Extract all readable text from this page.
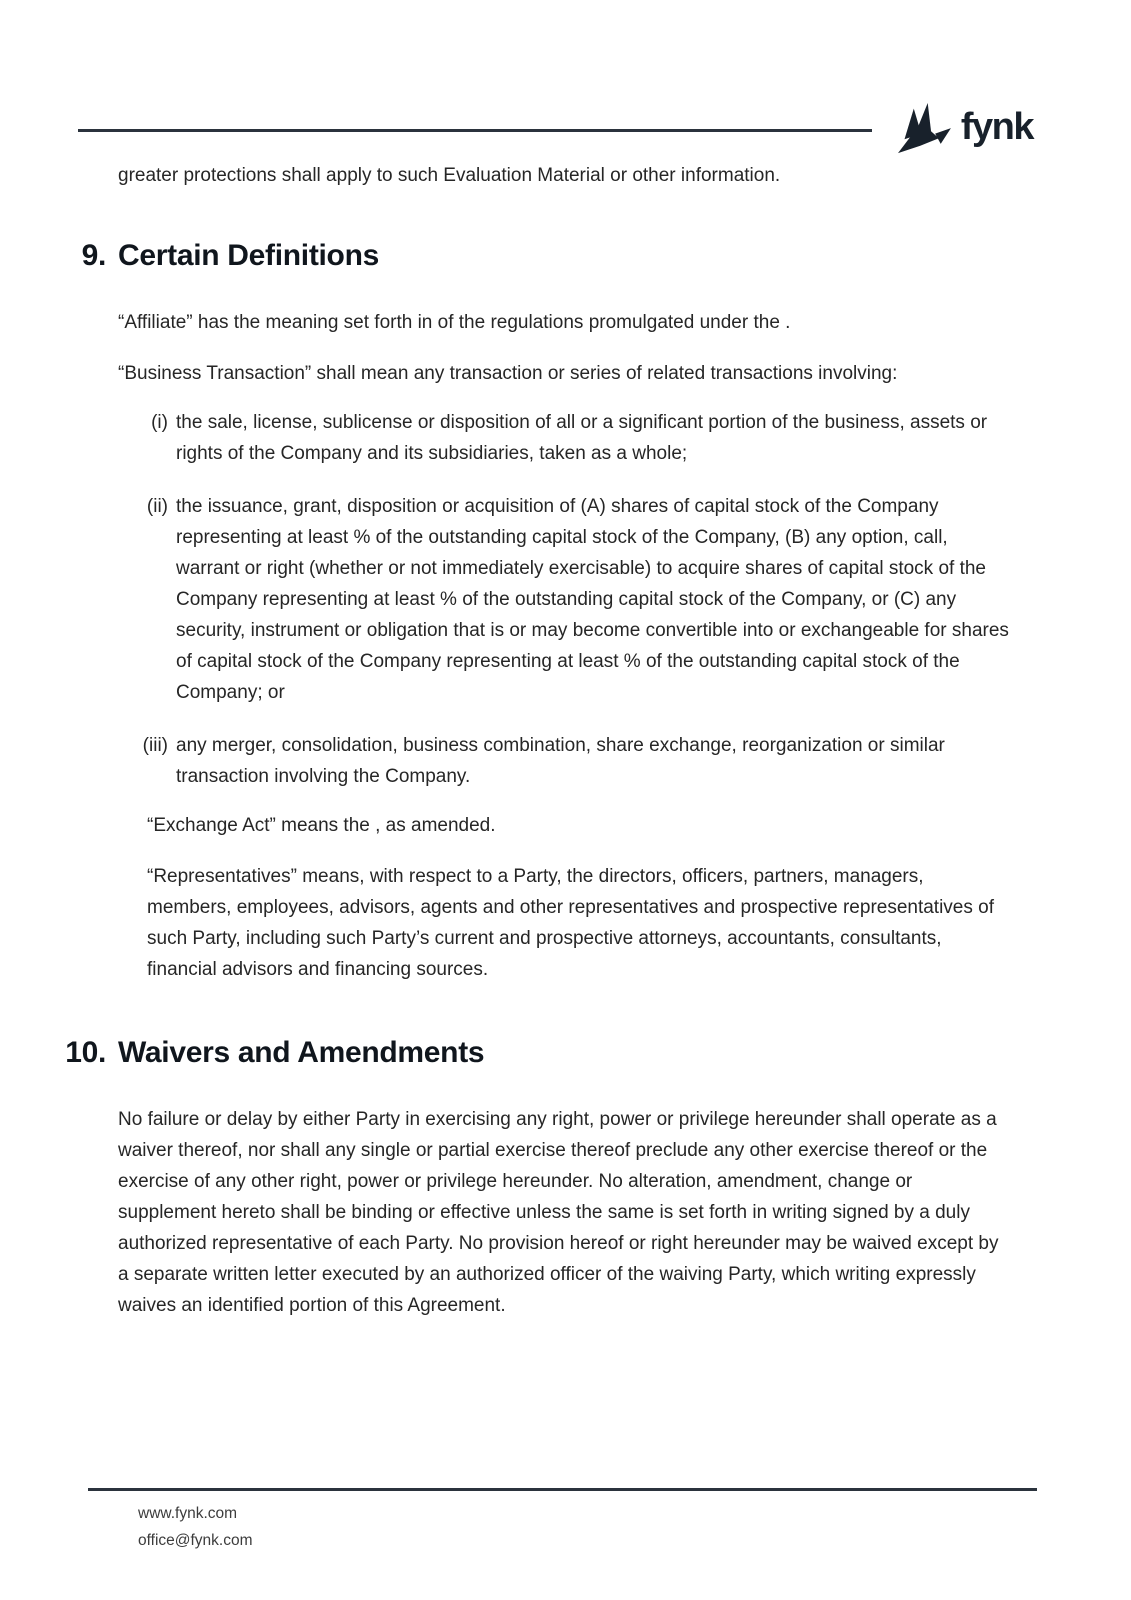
fynk

greater protections shall apply to such Evaluation Material or other information.

9. Certain Definitions

“Affiliate” has the meaning set forth in of the regulations promulgated under the .

“Business Transaction” shall mean any transaction or series of related transactions involving:

(i) the sale, license, sublicense or disposition of all or a significant portion of the business, assets or rights of the Company and its subsidiaries, taken as a whole;
(ii) the issuance, grant, disposition or acquisition of (A) shares of capital stock of the Company representing at least % of the outstanding capital stock of the Company, (B) any option, call, warrant or right (whether or not immediately exercisable) to acquire shares of capital stock of the Company representing at least % of the outstanding capital stock of the Company, or (C) any security, instrument or obligation that is or may become convertible into or exchangeable for shares of capital stock of the Company representing at least % of the outstanding capital stock of the Company; or
(iii) any merger, consolidation, business combination, share exchange, reorganization or similar transaction involving the Company.

“Exchange Act” means the , as amended.

“Representatives” means, with respect to a Party, the directors, officers, partners, managers, members, employees, advisors, agents and other representatives and prospective representatives of such Party, including such Party’s current and prospective attorneys, accountants, consultants, financial advisors and financing sources.

10. Waivers and Amendments

No failure or delay by either Party in exercising any right, power or privilege hereunder shall operate as a waiver thereof, nor shall any single or partial exercise thereof preclude any other exercise thereof or the exercise of any other right, power or privilege hereunder. No alteration, amendment, change or supplement hereto shall be binding or effective unless the same is set forth in writing signed by a duly authorized representative of each Party. No provision hereof or right hereunder may be waived except by a separate written letter executed by an authorized officer of the waiving Party, which writing expressly waives an identified portion of this Agreement.

www.fynk.com
office@fynk.com
